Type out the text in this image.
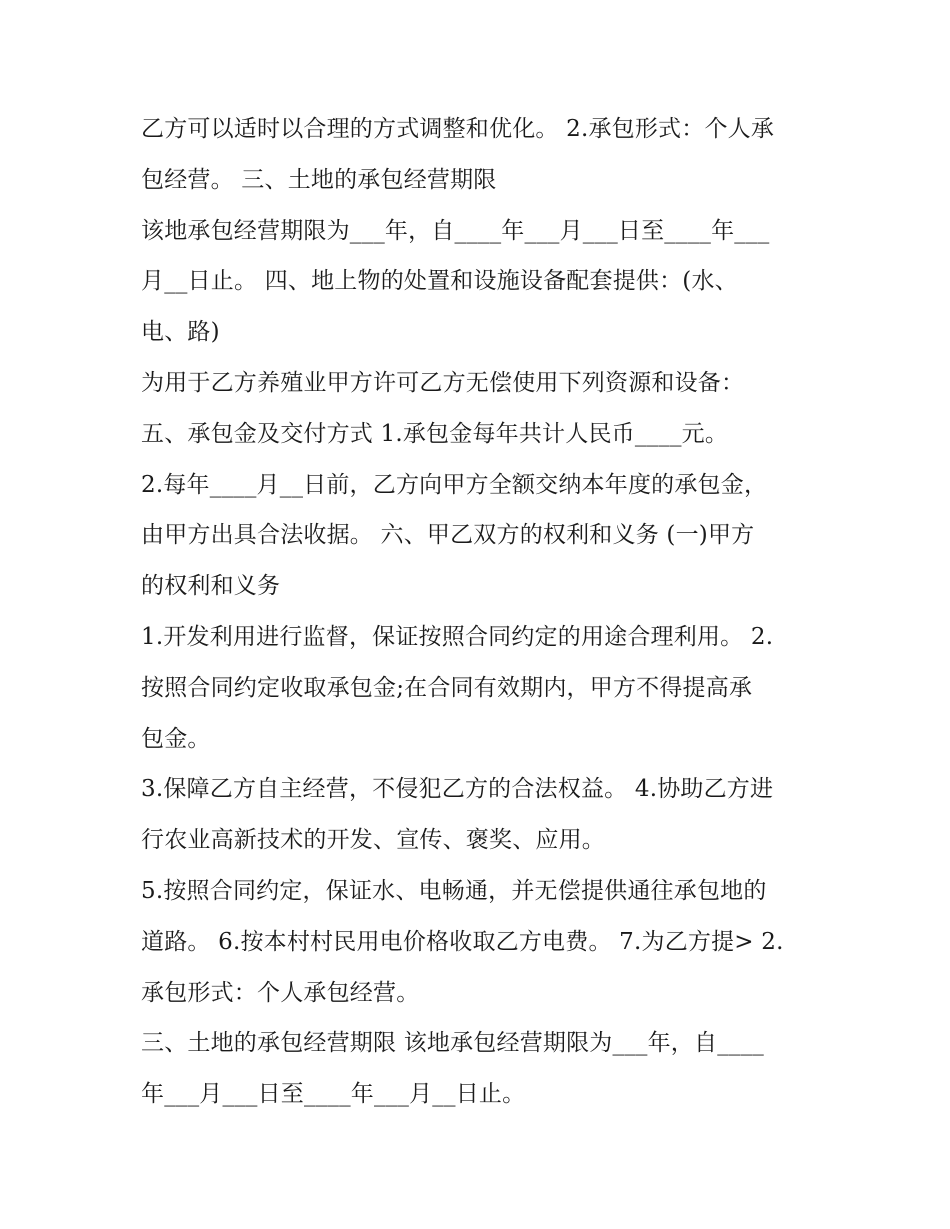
乙方可以适时以合理的方式调整和优化。 2.承包形式：个人承
包经营。 三、土地的承包经营期限
该地承包经营期限为___年，自____年___月___日至____年___
月__日止。 四、地上物的处置和设施设备配套提供：(水、
电、路)
为用于乙方养殖业甲方许可乙方无偿使用下列资源和设备：
五、承包金及交付方式 1.承包金每年共计人民币____元。
2.每年____月__日前，乙方向甲方全额交纳本年度的承包金，
由甲方出具合法收据。 六、甲乙双方的权利和义务 (一)甲方
的权利和义务
1.开发利用进行监督，保证按照合同约定的用途合理利用。 2.
按照合同约定收取承包金;在合同有效期内，甲方不得提高承
包金。
3.保障乙方自主经营，不侵犯乙方的合法权益。 4.协助乙方进
行农业高新技术的开发、宣传、褒奖、应用。
5.按照合同约定，保证水、电畅通，并无偿提供通往承包地的
道路。 6.按本村村民用电价格收取乙方电费。 7.为乙方提> 2.
承包形式：个人承包经营。
三、土地的承包经营期限 该地承包经营期限为___年，自____
年___月___日至____年___月__日止。
